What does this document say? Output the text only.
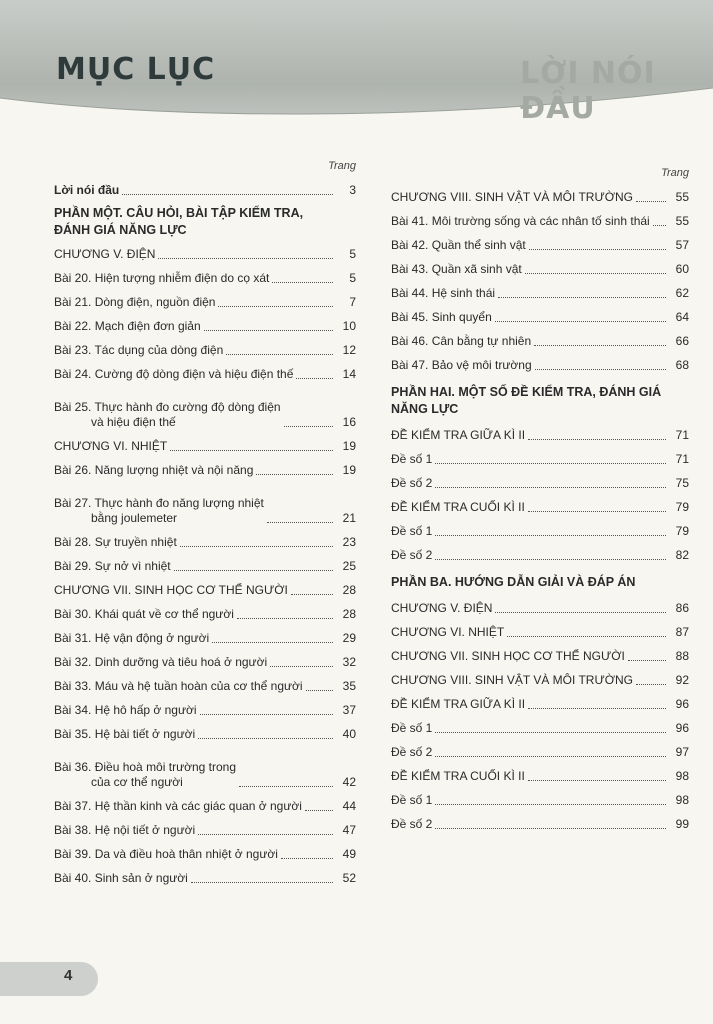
MỤC LỤC	LỜI NÓI ĐẦU
Trang
Lời nói đầu	3
PHẦN MỘT. CÂU HỎI, BÀI TẬP KIỂM TRA,
ĐÁNH GIÁ NĂNG LỰC
CHƯƠNG V. ĐIỆN	5
Bài 20. Hiện tượng nhiễm điện do cọ xát	5
Bài 21. Dòng điện, nguồn điện	7
Bài 22. Mạch điện đơn giản	10
Bài 23. Tác dụng của dòng điện	12
Bài 24. Cường độ dòng điện và hiệu điện thế	14
Bài 25. Thực hành đo cường độ dòng điện
và hiệu điện thế	16
CHƯƠNG VI. NHIỆT	19
Bài 26. Năng lượng nhiệt và nội năng	19
Bài 27. Thực hành đo năng lượng nhiệt
bằng joulemeter	21
Bài 28. Sự truyền nhiệt	23
Bài 29. Sự nở vì nhiệt	25
CHƯƠNG VII. SINH HỌC CƠ THỂ NGƯỜI	28
Bài 30. Khái quát về cơ thể người	28
Bài 31. Hệ vận động ở người	29
Bài 32. Dinh dưỡng và tiêu hoá ở người	32
Bài 33. Máu và hệ tuần hoàn của cơ thể người	35
Bài 34. Hệ hô hấp ở người	37
Bài 35. Hệ bài tiết ở người	40
Bài 36. Điều hoà môi trường trong
của cơ thể người	42
Bài 37. Hệ thần kinh và các giác quan ở người	44
Bài 38. Hệ nội tiết ở người	47
Bài 39. Da và điều hoà thân nhiệt ở người	49
Bài 40. Sinh sản ở người	52
Trang
CHƯƠNG VIII. SINH VẬT VÀ MÔI TRƯỜNG	55
Bài 41. Môi trường sống và các nhân tố sinh thái	55
Bài 42. Quần thể sinh vật	57
Bài 43. Quần xã sinh vật	60
Bài 44. Hệ sinh thái	62
Bài 45. Sinh quyển	64
Bài 46. Cân bằng tự nhiên	66
Bài 47. Bảo vệ môi trường	68
PHẦN HAI. MỘT SỐ ĐỀ KIỂM TRA, ĐÁNH GIÁ
NĂNG LỰC
ĐỀ KIỂM TRA GIỮA KÌ II	71
Đề số 1	71
Đề số 2	75
ĐỀ KIỂM TRA CUỐI KÌ II	79
Đề số 1	79
Đề số 2	82
PHẦN BA. HƯỚNG DẪN GIẢI VÀ ĐÁP ÁN
CHƯƠNG V. ĐIỆN	86
CHƯƠNG VI. NHIỆT	87
CHƯƠNG VII. SINH HỌC CƠ THỂ NGƯỜI	88
CHƯƠNG VIII. SINH VẬT VÀ MÔI TRƯỜNG	92
ĐỀ KIỂM TRA GIỮA KÌ II	96
Đề số 1	96
Đề số 2	97
ĐỀ KIỂM TRA CUỐI KÌ II	98
Đề số 1	98
Đề số 2	99
4
